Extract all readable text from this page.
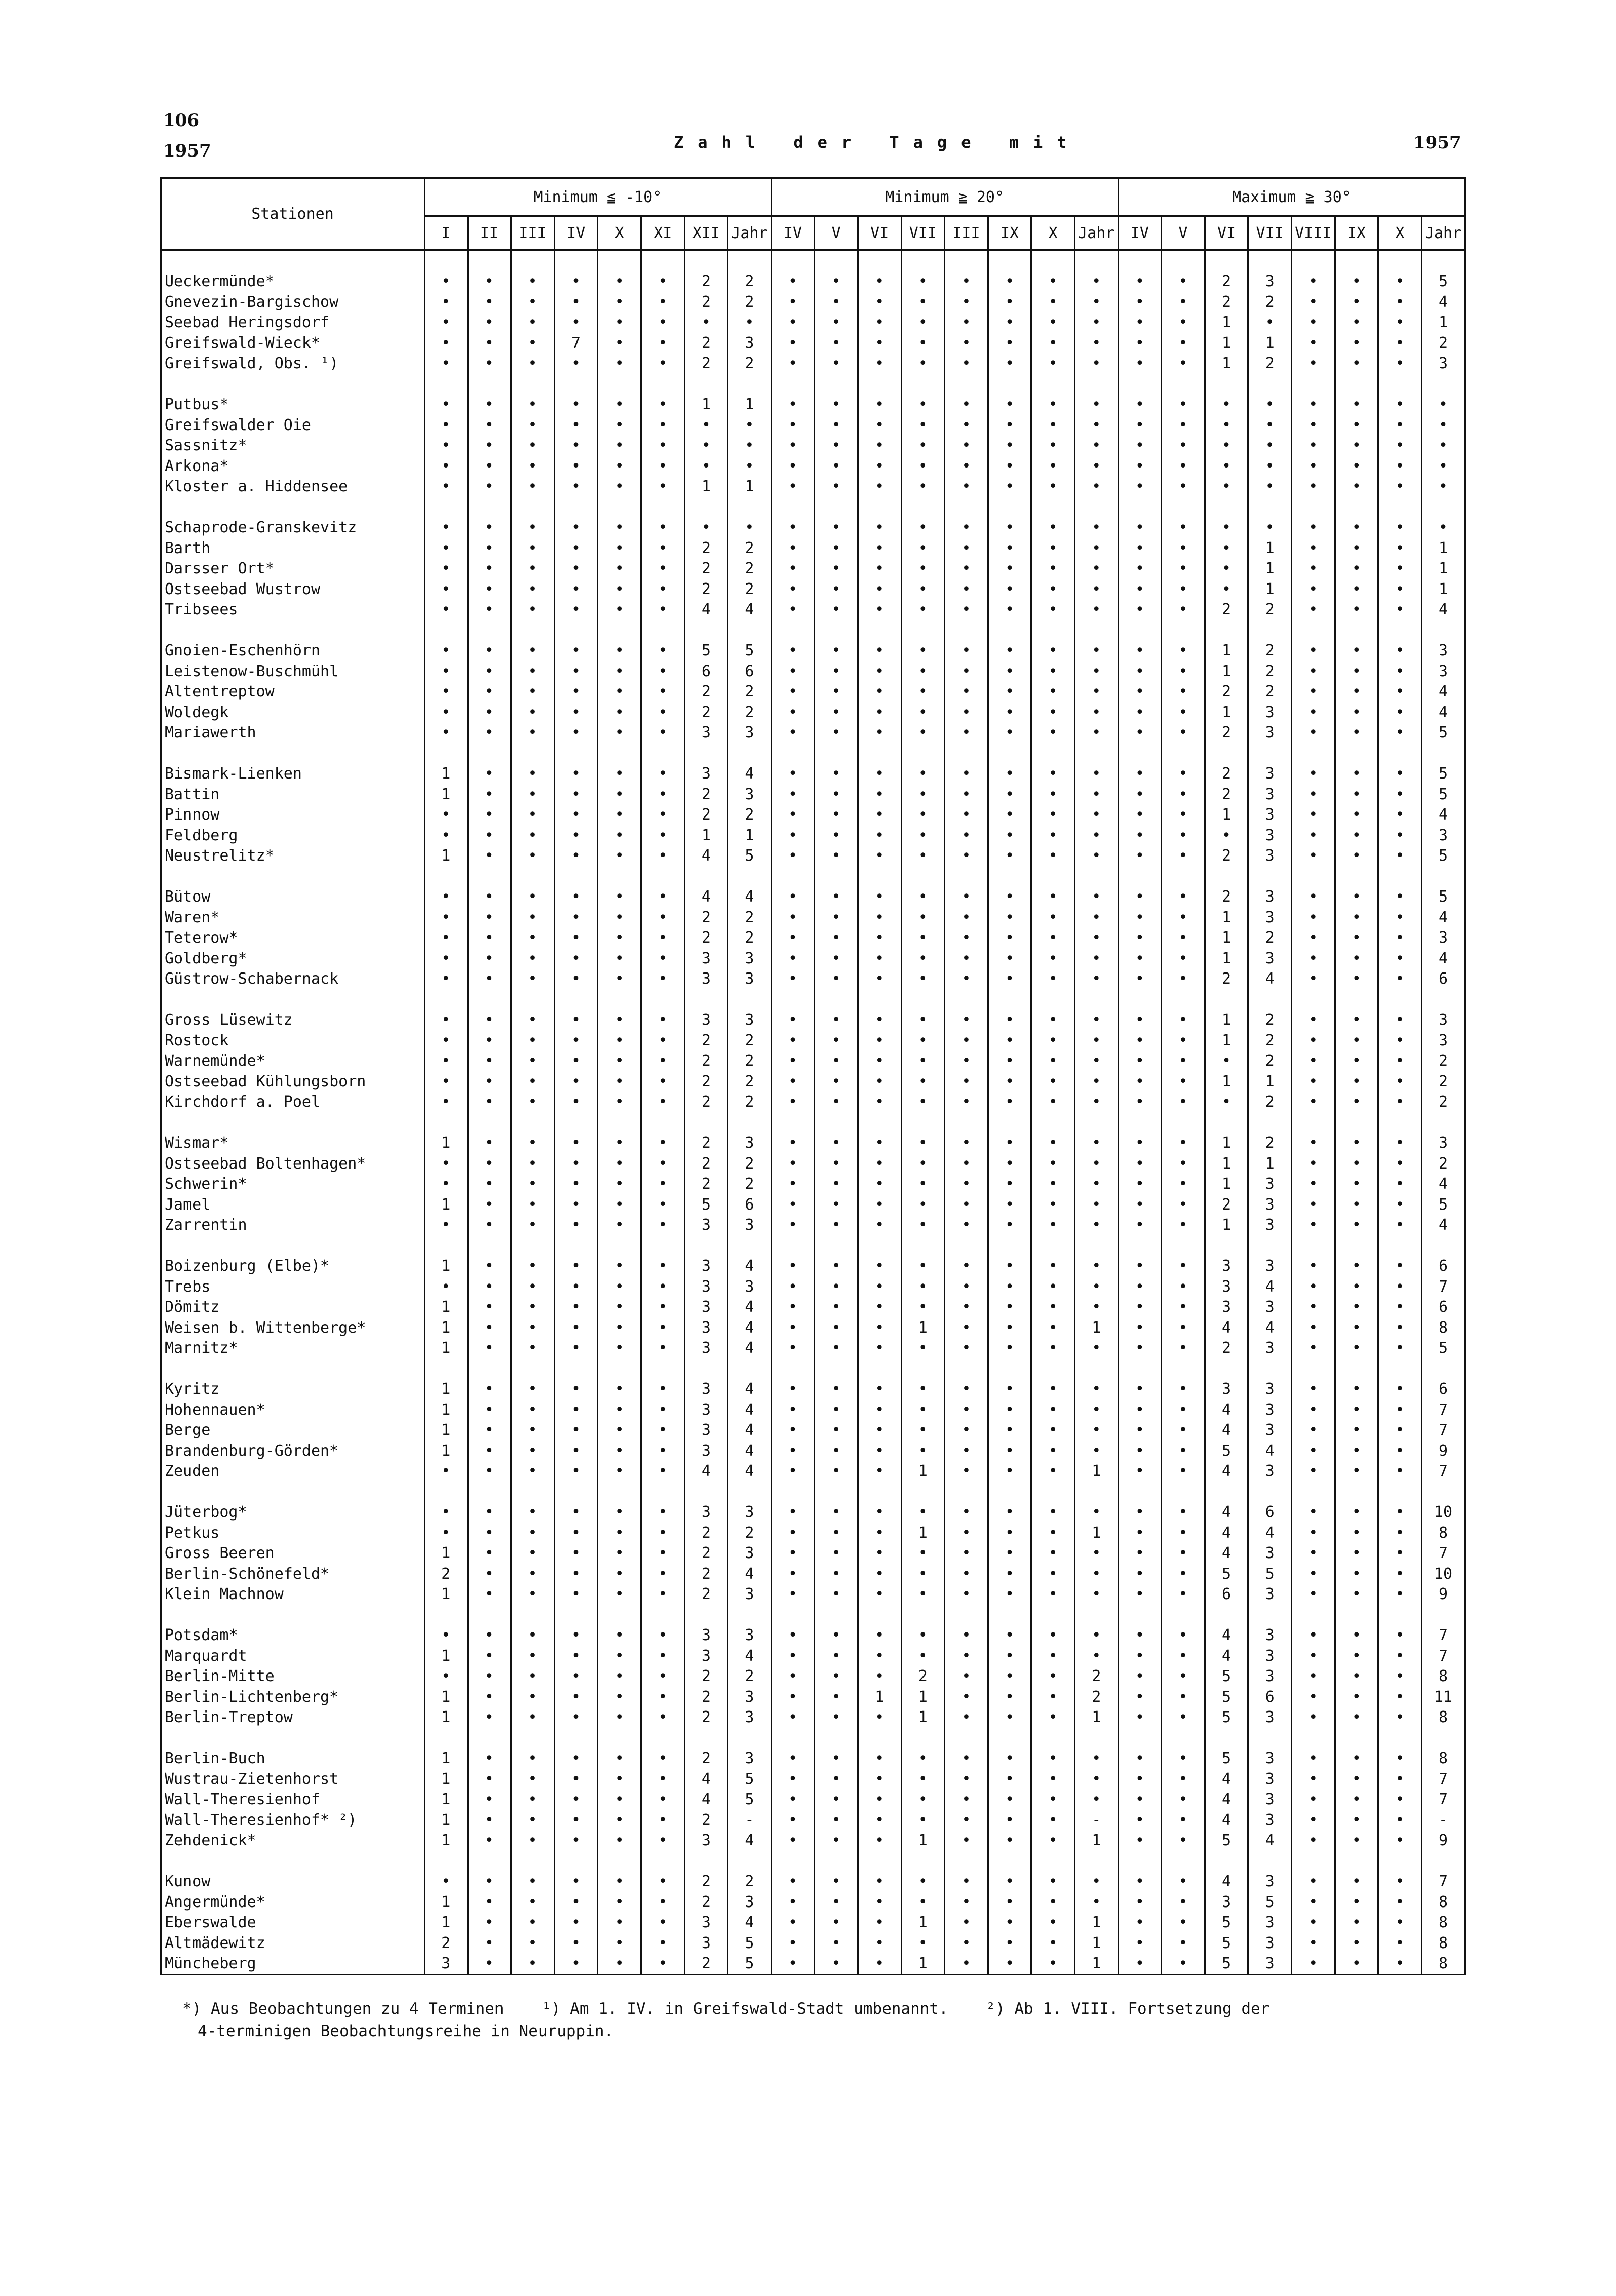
106
1957	Zahl der Tage mit	1957
Stationen	Minimum ≦ -10°								Minimum ≧ 20°								Maximum ≧ 30°							
	I	II	III	IV	X	XI	XII	Jahr	IV	V	VI	VII	III	IX	X	Jahr	IV	V	VI	VII	VIII	IX	X	Jahr

Ueckermünde*	•	•	•	•	•	•	2	2	•	•	•	•	•	•	•	•	•	•	2	3	•	•	•	5
Gnevezin-Bargischow	•	•	•	•	•	•	2	2	•	•	•	•	•	•	•	•	•	•	2	2	•	•	•	4
Seebad Heringsdorf	•	•	•	•	•	•	•	•	•	•	•	•	•	•	•	•	•	•	1	•	•	•	•	1
Greifswald-Wieck*	•	•	•	7	•	•	2	3	•	•	•	•	•	•	•	•	•	•	1	1	•	•	•	2
Greifswald, Obs. ¹)	•	•	•	•	•	•	2	2	•	•	•	•	•	•	•	•	•	•	1	2	•	•	•	3

Putbus*	•	•	•	•	•	•	1	1	•	•	•	•	•	•	•	•	•	•	•	•	•	•	•	•
Greifswalder Oie	•	•	•	•	•	•	•	•	•	•	•	•	•	•	•	•	•	•	•	•	•	•	•	•
Sassnitz*	•	•	•	•	•	•	•	•	•	•	•	•	•	•	•	•	•	•	•	•	•	•	•	•
Arkona*	•	•	•	•	•	•	•	•	•	•	•	•	•	•	•	•	•	•	•	•	•	•	•	•
Kloster a. Hiddensee	•	•	•	•	•	•	1	1	•	•	•	•	•	•	•	•	•	•	•	•	•	•	•	•

Schaprode-Granskevitz	•	•	•	•	•	•	•	•	•	•	•	•	•	•	•	•	•	•	•	•	•	•	•	•
Barth	•	•	•	•	•	•	2	2	•	•	•	•	•	•	•	•	•	•	•	1	•	•	•	1
Darsser Ort*	•	•	•	•	•	•	2	2	•	•	•	•	•	•	•	•	•	•	•	1	•	•	•	1
Ostseebad Wustrow	•	•	•	•	•	•	2	2	•	•	•	•	•	•	•	•	•	•	•	1	•	•	•	1
Tribsees	•	•	•	•	•	•	4	4	•	•	•	•	•	•	•	•	•	•	2	2	•	•	•	4

Gnoien-Eschenhörn	•	•	•	•	•	•	5	5	•	•	•	•	•	•	•	•	•	•	1	2	•	•	•	3
Leistenow-Buschmühl	•	•	•	•	•	•	6	6	•	•	•	•	•	•	•	•	•	•	1	2	•	•	•	3
Altentreptow	•	•	•	•	•	•	2	2	•	•	•	•	•	•	•	•	•	•	2	2	•	•	•	4
Woldegk	•	•	•	•	•	•	2	2	•	•	•	•	•	•	•	•	•	•	1	3	•	•	•	4
Mariawerth	•	•	•	•	•	•	3	3	•	•	•	•	•	•	•	•	•	•	2	3	•	•	•	5

Bismark-Lienken	1	•	•	•	•	•	3	4	•	•	•	•	•	•	•	•	•	•	2	3	•	•	•	5
Battin	1	•	•	•	•	•	2	3	•	•	•	•	•	•	•	•	•	•	2	3	•	•	•	5
Pinnow	•	•	•	•	•	•	2	2	•	•	•	•	•	•	•	•	•	•	1	3	•	•	•	4
Feldberg	•	•	•	•	•	•	1	1	•	•	•	•	•	•	•	•	•	•	•	3	•	•	•	3
Neustrelitz*	1	•	•	•	•	•	4	5	•	•	•	•	•	•	•	•	•	•	2	3	•	•	•	5

Bütow	•	•	•	•	•	•	4	4	•	•	•	•	•	•	•	•	•	•	2	3	•	•	•	5
Waren*	•	•	•	•	•	•	2	2	•	•	•	•	•	•	•	•	•	•	1	3	•	•	•	4
Teterow*	•	•	•	•	•	•	2	2	•	•	•	•	•	•	•	•	•	•	1	2	•	•	•	3
Goldberg*	•	•	•	•	•	•	3	3	•	•	•	•	•	•	•	•	•	•	1	3	•	•	•	4
Güstrow-Schabernack	•	•	•	•	•	•	3	3	•	•	•	•	•	•	•	•	•	•	2	4	•	•	•	6

Gross Lüsewitz	•	•	•	•	•	•	3	3	•	•	•	•	•	•	•	•	•	•	1	2	•	•	•	3
Rostock	•	•	•	•	•	•	2	2	•	•	•	•	•	•	•	•	•	•	1	2	•	•	•	3
Warnemünde*	•	•	•	•	•	•	2	2	•	•	•	•	•	•	•	•	•	•	•	2	•	•	•	2
Ostseebad Kühlungsborn	•	•	•	•	•	•	2	2	•	•	•	•	•	•	•	•	•	•	1	1	•	•	•	2
Kirchdorf a. Poel	•	•	•	•	•	•	2	2	•	•	•	•	•	•	•	•	•	•	•	2	•	•	•	2

Wismar*	1	•	•	•	•	•	2	3	•	•	•	•	•	•	•	•	•	•	1	2	•	•	•	3
Ostseebad Boltenhagen*	•	•	•	•	•	•	2	2	•	•	•	•	•	•	•	•	•	•	1	1	•	•	•	2
Schwerin*	•	•	•	•	•	•	2	2	•	•	•	•	•	•	•	•	•	•	1	3	•	•	•	4
Jamel	1	•	•	•	•	•	5	6	•	•	•	•	•	•	•	•	•	•	2	3	•	•	•	5
Zarrentin	•	•	•	•	•	•	3	3	•	•	•	•	•	•	•	•	•	•	1	3	•	•	•	4

Boizenburg (Elbe)*	1	•	•	•	•	•	3	4	•	•	•	•	•	•	•	•	•	•	3	3	•	•	•	6
Trebs	•	•	•	•	•	•	3	3	•	•	•	•	•	•	•	•	•	•	3	4	•	•	•	7
Dömitz	1	•	•	•	•	•	3	4	•	•	•	•	•	•	•	•	•	•	3	3	•	•	•	6
Weisen b. Wittenberge*	1	•	•	•	•	•	3	4	•	•	•	1	•	•	•	1	•	•	4	4	•	•	•	8
Marnitz*	1	•	•	•	•	•	3	4	•	•	•	•	•	•	•	•	•	•	2	3	•	•	•	5

Kyritz	1	•	•	•	•	•	3	4	•	•	•	•	•	•	•	•	•	•	3	3	•	•	•	6
Hohennauen*	1	•	•	•	•	•	3	4	•	•	•	•	•	•	•	•	•	•	4	3	•	•	•	7
Berge	1	•	•	•	•	•	3	4	•	•	•	•	•	•	•	•	•	•	4	3	•	•	•	7
Brandenburg-Görden*	1	•	•	•	•	•	3	4	•	•	•	•	•	•	•	•	•	•	5	4	•	•	•	9
Zeuden	•	•	•	•	•	•	4	4	•	•	•	1	•	•	•	1	•	•	4	3	•	•	•	7

Jüterbog*	•	•	•	•	•	•	3	3	•	•	•	•	•	•	•	•	•	•	4	6	•	•	•	10
Petkus	•	•	•	•	•	•	2	2	•	•	•	1	•	•	•	1	•	•	4	4	•	•	•	8
Gross Beeren	1	•	•	•	•	•	2	3	•	•	•	•	•	•	•	•	•	•	4	3	•	•	•	7
Berlin-Schönefeld*	2	•	•	•	•	•	2	4	•	•	•	•	•	•	•	•	•	•	5	5	•	•	•	10
Klein Machnow	1	•	•	•	•	•	2	3	•	•	•	•	•	•	•	•	•	•	6	3	•	•	•	9

Potsdam*	•	•	•	•	•	•	3	3	•	•	•	•	•	•	•	•	•	•	4	3	•	•	•	7
Marquardt	1	•	•	•	•	•	3	4	•	•	•	•	•	•	•	•	•	•	4	3	•	•	•	7
Berlin-Mitte	•	•	•	•	•	•	2	2	•	•	•	2	•	•	•	2	•	•	5	3	•	•	•	8
Berlin-Lichtenberg*	1	•	•	•	•	•	2	3	•	•	1	1	•	•	•	2	•	•	5	6	•	•	•	11
Berlin-Treptow	1	•	•	•	•	•	2	3	•	•	•	1	•	•	•	1	•	•	5	3	•	•	•	8

Berlin-Buch	1	•	•	•	•	•	2	3	•	•	•	•	•	•	•	•	•	•	5	3	•	•	•	8
Wustrau-Zietenhorst	1	•	•	•	•	•	4	5	•	•	•	•	•	•	•	•	•	•	4	3	•	•	•	7
Wall-Theresienhof	1	•	•	•	•	•	4	5	•	•	•	•	•	•	•	•	•	•	4	3	•	•	•	7
Wall-Theresienhof* ²)	1	•	•	•	•	•	2	-	•	•	•	•	•	•	•	-	•	•	4	3	•	•	•	-
Zehdenick*	1	•	•	•	•	•	3	4	•	•	•	1	•	•	•	1	•	•	5	4	•	•	•	9

Kunow	•	•	•	•	•	•	2	2	•	•	•	•	•	•	•	•	•	•	4	3	•	•	•	7
Angermünde*	1	•	•	•	•	•	2	3	•	•	•	•	•	•	•	•	•	•	3	5	•	•	•	8
Eberswalde	1	•	•	•	•	•	3	4	•	•	•	1	•	•	•	1	•	•	5	3	•	•	•	8
Altmädewitz	2	•	•	•	•	•	3	5	•	•	•	•	•	•	•	1	•	•	5	3	•	•	•	8
Müncheberg	3	•	•	•	•	•	2	5	•	•	•	1	•	•	•	1	•	•	5	3	•	•	•	8
*) Aus Beobachtungen zu 4 Terminen    ¹) Am 1. IV. in Greifswald-Stadt umbenannt.    ²) Ab 1. VIII. Fortsetzung der
4-terminigen Beobachtungsreihe in Neuruppin.
